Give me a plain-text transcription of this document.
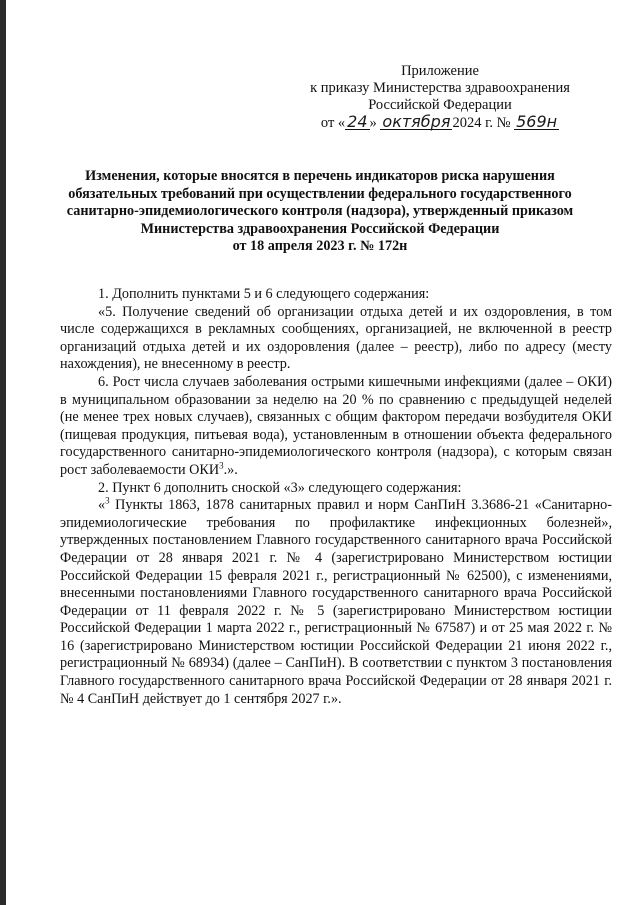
Приложение
к приказу Министерства здравоохранения
Российской Федерации
от « 24 » октября 2024 г. № 569н
Изменения, которые вносятся в перечень индикаторов риска нарушения
обязательных требований при осуществлении федерального государственного
санитарно-эпидемиологического контроля (надзора), утвержденный приказом
Министерства здравоохранения Российской Федерации
от 18 апреля 2023 г. № 172н

1. Дополнить пунктами 5 и 6 следующего содержания:

«5. Получение сведений об организации отдыха детей и их оздоровления, в том числе содержащихся в рекламных сообщениях, организацией, не включенной в реестр организаций отдыха детей и их оздоровления (далее – реестр), либо по адресу (месту нахождения), не внесенному в реестр.

6. Рост числа случаев заболевания острыми кишечными инфекциями (далее – ОКИ) в муниципальном образовании за неделю на 20 % по сравнению с предыдущей неделей (не менее трех новых случаев), связанных с общим фактором передачи возбудителя ОКИ (пищевая продукция, питьевая вода), установленным в отношении объекта федерального государственного санитарно-эпидемиологического контроля (надзора), с которым связан рост заболеваемости ОКИ$^3$.».

2. Пункт 6 дополнить сноской «3» следующего содержания:

«$^3$ Пункты 1863, 1878 санитарных правил и норм СанПиН 3.3686-21 «Санитарно-эпидемиологические требования по профилактике инфекционных болезней», утвержденных постановлением Главного государственного санитарного врача Российской Федерации от 28 января 2021 г. № 4 (зарегистрировано Министерством юстиции Российской Федерации 15 февраля 2021 г., регистрационный № 62500), с изменениями, внесенными постановлениями Главного государственного санитарного врача Российской Федерации от 11 февраля 2022 г. № 5 (зарегистрировано Министерством юстиции Российской Федерации 1 марта 2022 г., регистрационный № 67587) и от 25 мая 2022 г. № 16 (зарегистрировано Министерством юстиции Российской Федерации 21 июня 2022 г., регистрационный № 68934) (далее – СанПиН). В соответствии с пунктом 3 постановления Главного государственного санитарного врача Российской Федерации от 28 января 2021 г. № 4 СанПиН действует до 1 сентября 2027 г.».
